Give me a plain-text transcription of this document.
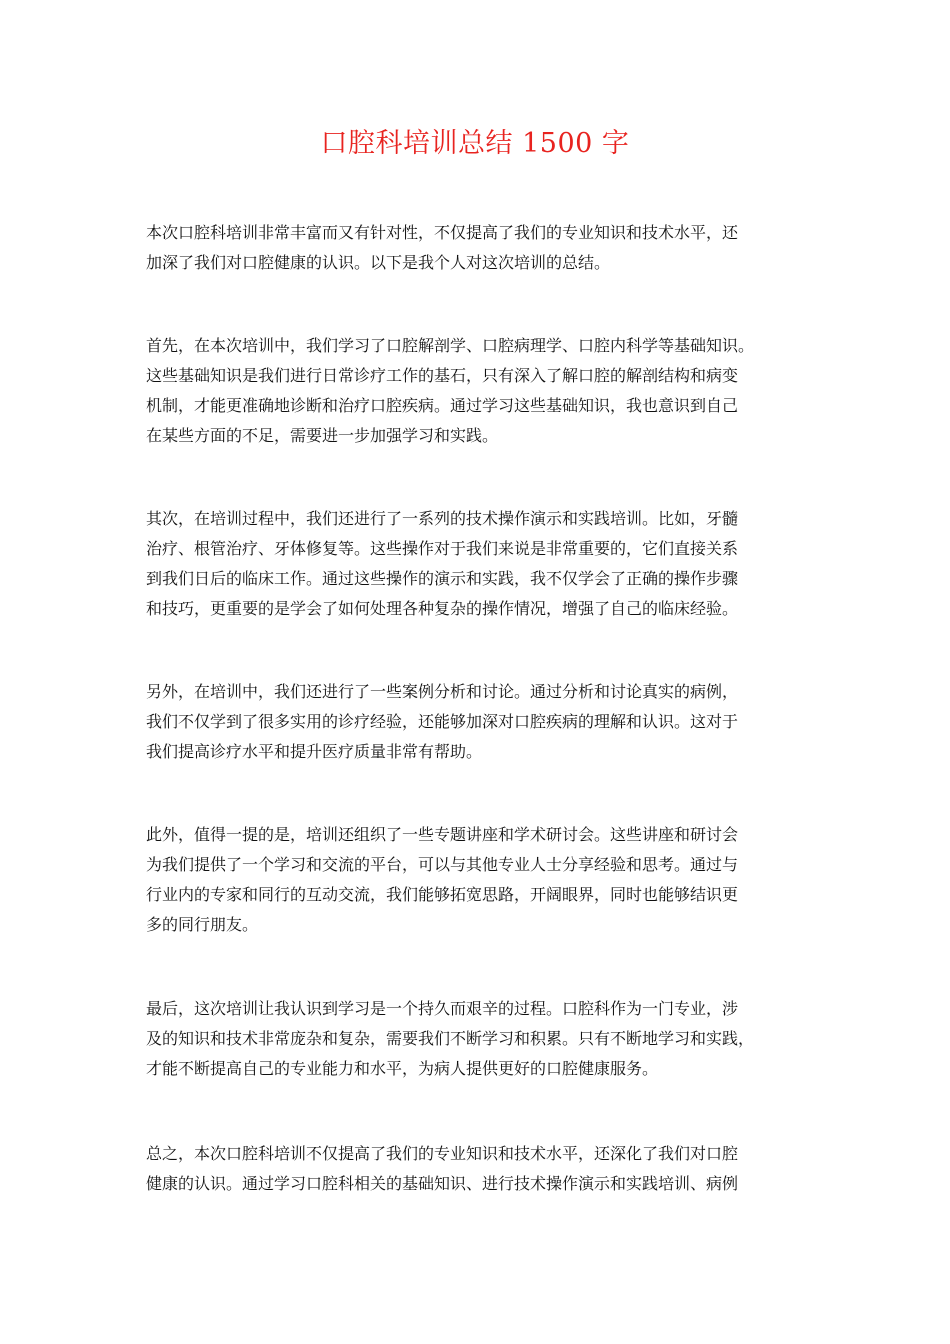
口腔科培训总结 1500 字

本次口腔科培训非常丰富而又有针对性，不仅提高了我们的专业知识和技术水平，还
加深了我们对口腔健康的认识。以下是我个人对这次培训的总结。

首先，在本次培训中，我们学习了口腔解剖学、口腔病理学、口腔内科学等基础知识。
这些基础知识是我们进行日常诊疗工作的基石，只有深入了解口腔的解剖结构和病变
机制，才能更准确地诊断和治疗口腔疾病。通过学习这些基础知识，我也意识到自己
在某些方面的不足，需要进一步加强学习和实践。

其次，在培训过程中，我们还进行了一系列的技术操作演示和实践培训。比如，牙髓
治疗、根管治疗、牙体修复等。这些操作对于我们来说是非常重要的，它们直接关系
到我们日后的临床工作。通过这些操作的演示和实践，我不仅学会了正确的操作步骤
和技巧，更重要的是学会了如何处理各种复杂的操作情况，增强了自己的临床经验。

另外，在培训中，我们还进行了一些案例分析和讨论。通过分析和讨论真实的病例，
我们不仅学到了很多实用的诊疗经验，还能够加深对口腔疾病的理解和认识。这对于
我们提高诊疗水平和提升医疗质量非常有帮助。

此外，值得一提的是，培训还组织了一些专题讲座和学术研讨会。这些讲座和研讨会
为我们提供了一个学习和交流的平台，可以与其他专业人士分享经验和思考。通过与
行业内的专家和同行的互动交流，我们能够拓宽思路，开阔眼界，同时也能够结识更
多的同行朋友。

最后，这次培训让我认识到学习是一个持久而艰辛的过程。口腔科作为一门专业，涉
及的知识和技术非常庞杂和复杂，需要我们不断学习和积累。只有不断地学习和实践，
才能不断提高自己的专业能力和水平，为病人提供更好的口腔健康服务。

总之，本次口腔科培训不仅提高了我们的专业知识和技术水平，还深化了我们对口腔
健康的认识。通过学习口腔科相关的基础知识、进行技术操作演示和实践培训、病例
